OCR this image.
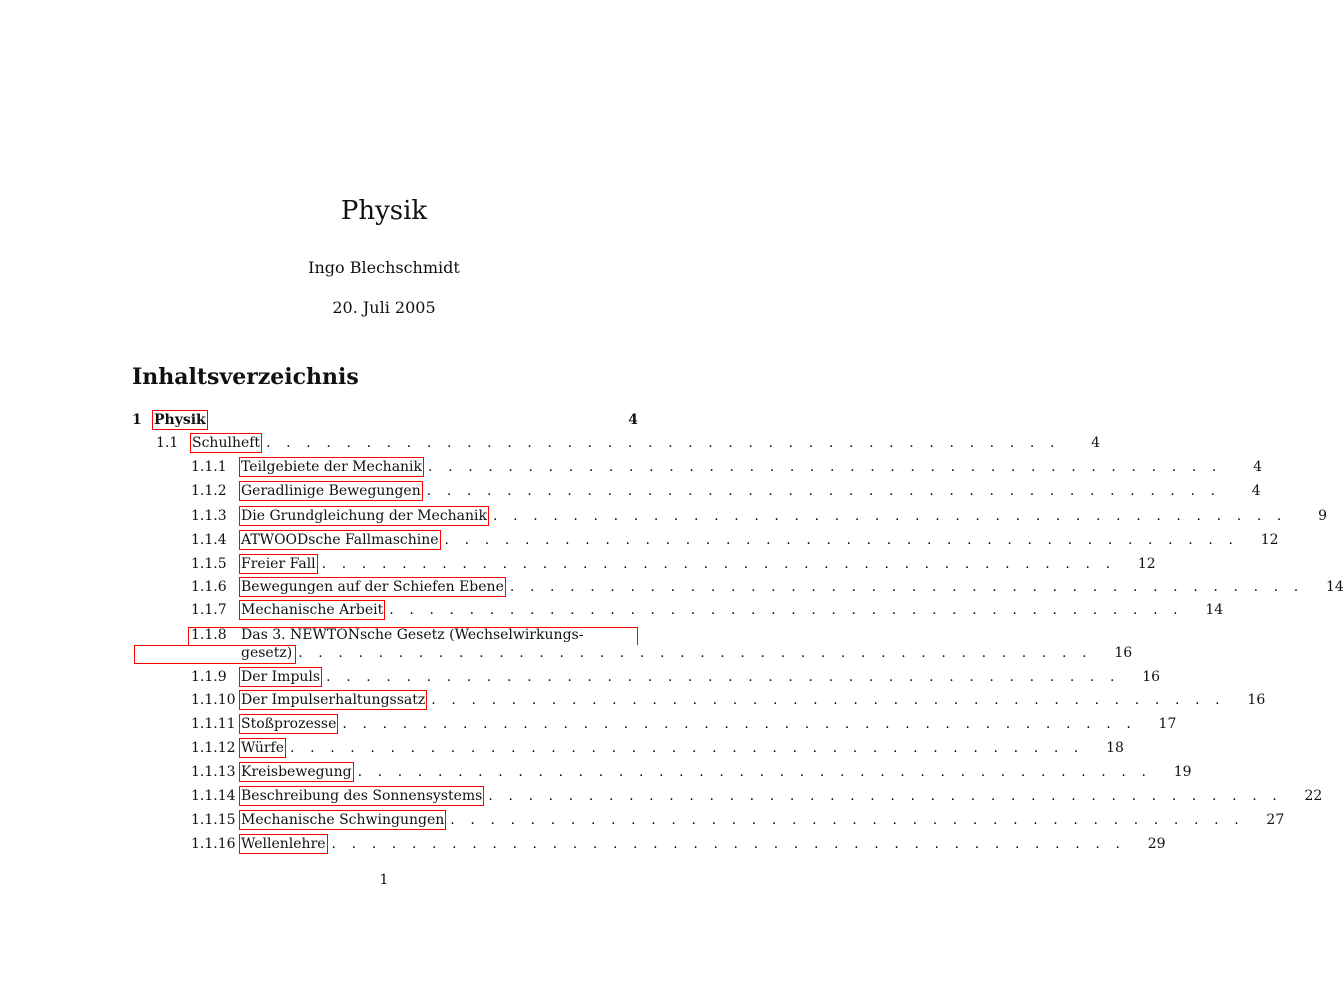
Physik
Ingo Blechschmidt
20. Juli 2005
Inhaltsverzeichnis
1 Physik	4
1.1 Schulheft . . . . . . . . . . . . . . . . . . . . . . . . . . . . . . . . . . . . . . . .	4
1.1.1	Teilgebiete der Mechanik . . . . . . . . . . . . . . . . . . . . . . . . . . . . . . . . . . . . . . . .	4
1.1.2	Geradlinige Bewegungen . . . . . . . . . . . . . . . . . . . . . . . . . . . . . . . . . . . . . . . .	4
1.1.3	Die Grundgleichung der Mechanik . . . . . . . . . . . . . . . . . . . . . . . . . . . . . . . . . . . . . . . .	9
1.1.4	ATWOODsche Fallmaschine . . . . . . . . . . . . . . . . . . . . . . . . . . . . . . . . . . . . . . . .	12
1.1.5	Freier Fall . . . . . . . . . . . . . . . . . . . . . . . . . . . . . . . . . . . . . . . .	12
1.1.6	Bewegungen auf der Schiefen Ebene . . . . . . . . . . . . . . . . . . . . . . . . . . . . . . . . . . . . . . . .	14
1.1.7	Mechanische Arbeit . . . . . . . . . . . . . . . . . . . . . . . . . . . . . . . . . . . . . . . .	14
1.1.8	Das 3. NEWTONsche Gesetz (Wechselwirkungs-
gesetz) . . . . . . . . . . . . . . . . . . . . . . . . . . . . . . . . . . . . . . . .	16
1.1.9	Der Impuls . . . . . . . . . . . . . . . . . . . . . . . . . . . . . . . . . . . . . . . .	16
1.1.10 Der Impulserhaltungssatz . . . . . . . . . . . . . . . . . . . . . . . . . . . . . . . . . . . . . . . .	16
1.1.11 Stoßprozesse . . . . . . . . . . . . . . . . . . . . . . . . . . . . . . . . . . . . . . . .	17
1.1.12 Würfe . . . . . . . . . . . . . . . . . . . . . . . . . . . . . . . . . . . . . . . .	18
1.1.13 Kreisbewegung . . . . . . . . . . . . . . . . . . . . . . . . . . . . . . . . . . . . . . . .	19
1.1.14 Beschreibung des Sonnensystems . . . . . . . . . . . . . . . . . . . . . . . . . . . . . . . . . . . . . . . .	22
1.1.15 Mechanische Schwingungen . . . . . . . . . . . . . . . . . . . . . . . . . . . . . . . . . . . . . . . .	27
1.1.16 Wellenlehre . . . . . . . . . . . . . . . . . . . . . . . . . . . . . . . . . . . . . . . .	29
1
